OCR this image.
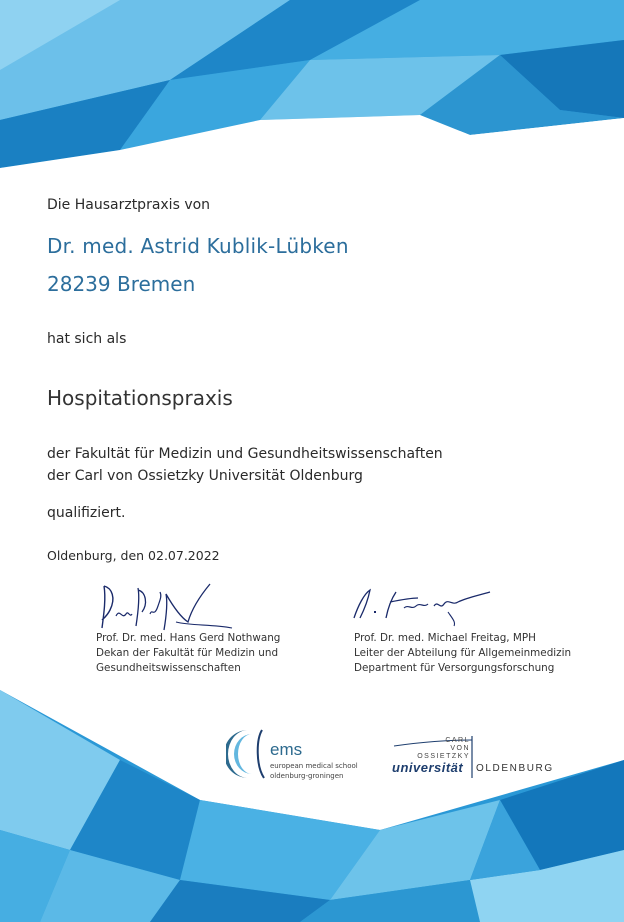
Die Hausarztpraxis von
Dr. med. Astrid Kublik-Lübken
28239 Bremen
hat sich als
Hospitationspraxis
der Fakultät für Medizin und Gesundheitswissenschaften
der Carl von Ossietzky Universität Oldenburg
qualifiziert.
Oldenburg, den 02.07.2022
Prof. Dr. med. Hans Gerd Nothwang
Dekan der Fakultät für Medizin und
Gesundheitswissenschaften
Prof. Dr. med. Michael Freitag, MPH
Leiter der Abteilung für Allgemeinmedizin
Department für Versorgungsforschung
ems
european medical school
oldenburg-groningen
CARL
VON
OSSIETZKY
universität OLDENBURG
